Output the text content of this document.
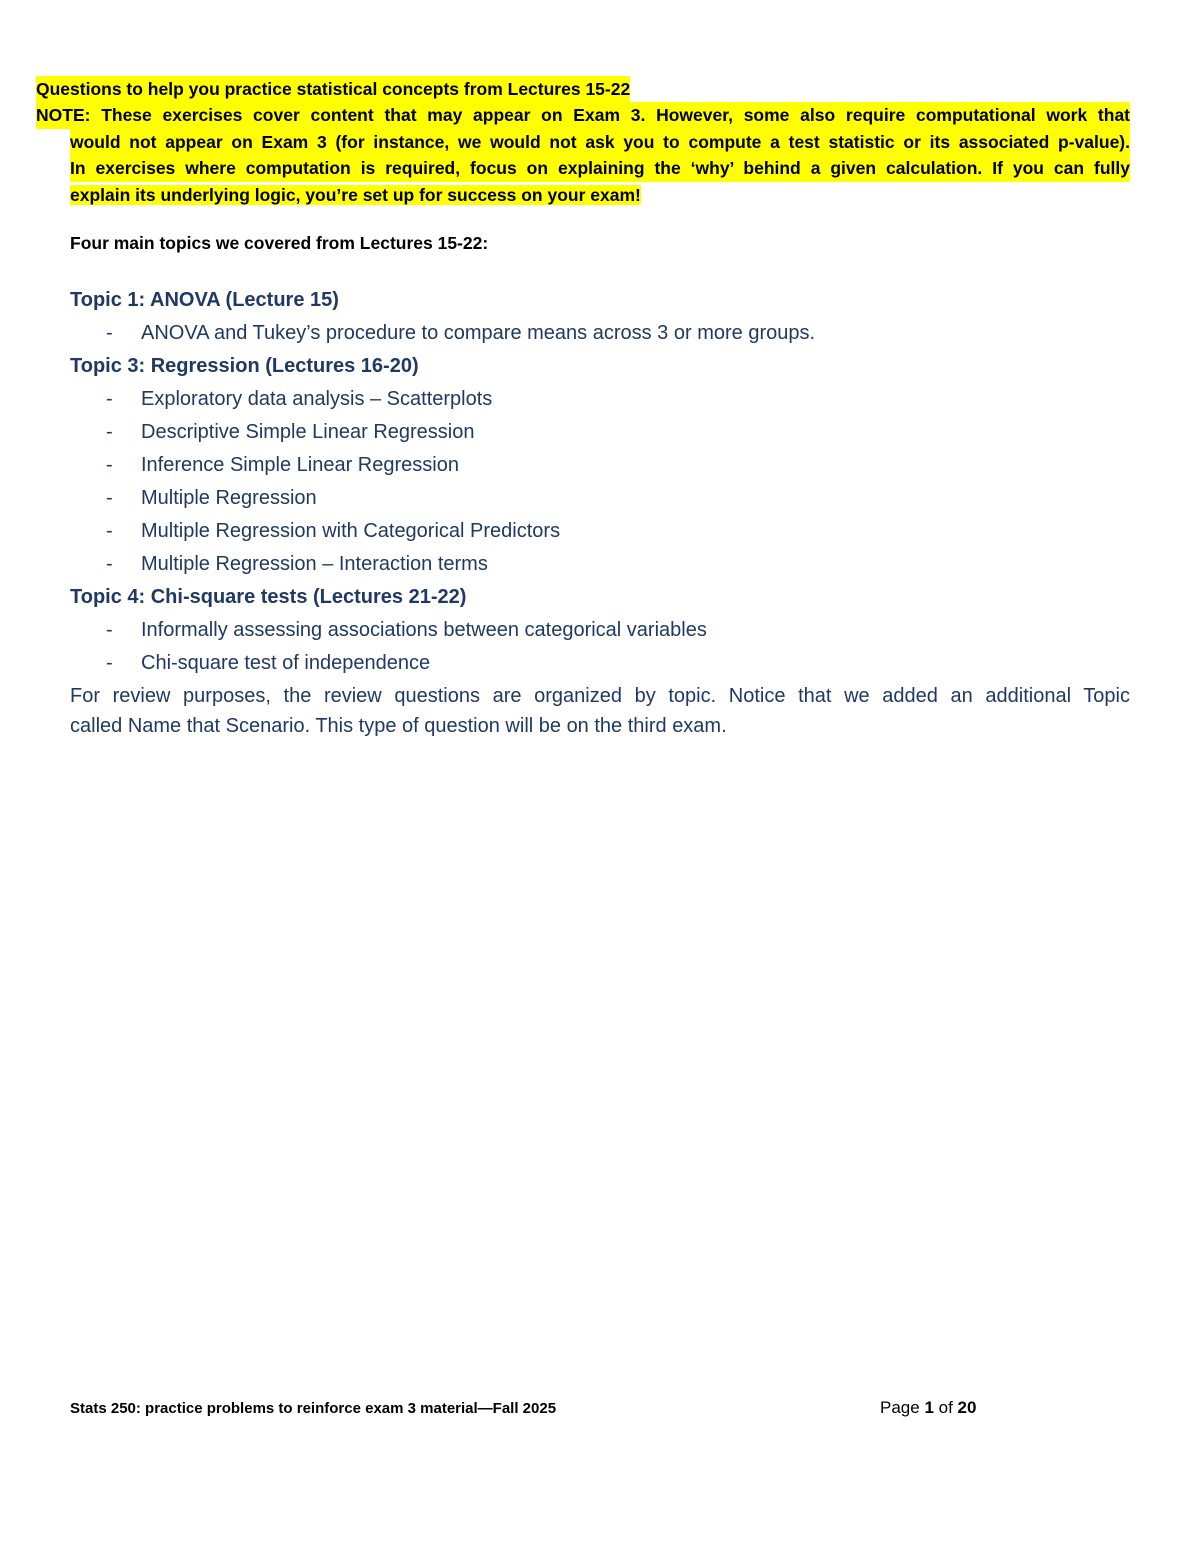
Questions to help you practice statistical concepts from Lectures 15-22
NOTE: These exercises cover content that may appear on Exam 3. However, some also require computational work that
would not appear on Exam 3 (for instance, we would not ask you to compute a test statistic or its associated p-value).
In exercises where computation is required, focus on explaining the ‘why’ behind a given calculation. If you can fully
explain its underlying logic, you’re set up for success on your exam!
Four main topics we covered from Lectures 15-22:
Topic 1: ANOVA (Lecture 15)
- ANOVA and Tukey’s procedure to compare means across 3 or more groups.
Topic 3: Regression (Lectures 16-20)
- Exploratory data analysis – Scatterplots
- Descriptive Simple Linear Regression
- Inference Simple Linear Regression
- Multiple Regression
- Multiple Regression with Categorical Predictors
- Multiple Regression – Interaction terms
Topic 4: Chi-square tests (Lectures 21-22)
- Informally assessing associations between categorical variables
- Chi-square test of independence
For review purposes, the review questions are organized by topic. Notice that we added an additional Topic
called Name that Scenario. This type of question will be on the third exam.
Stats 250: practice problems to reinforce exam 3 material—Fall 2025	Page 1 of 20
